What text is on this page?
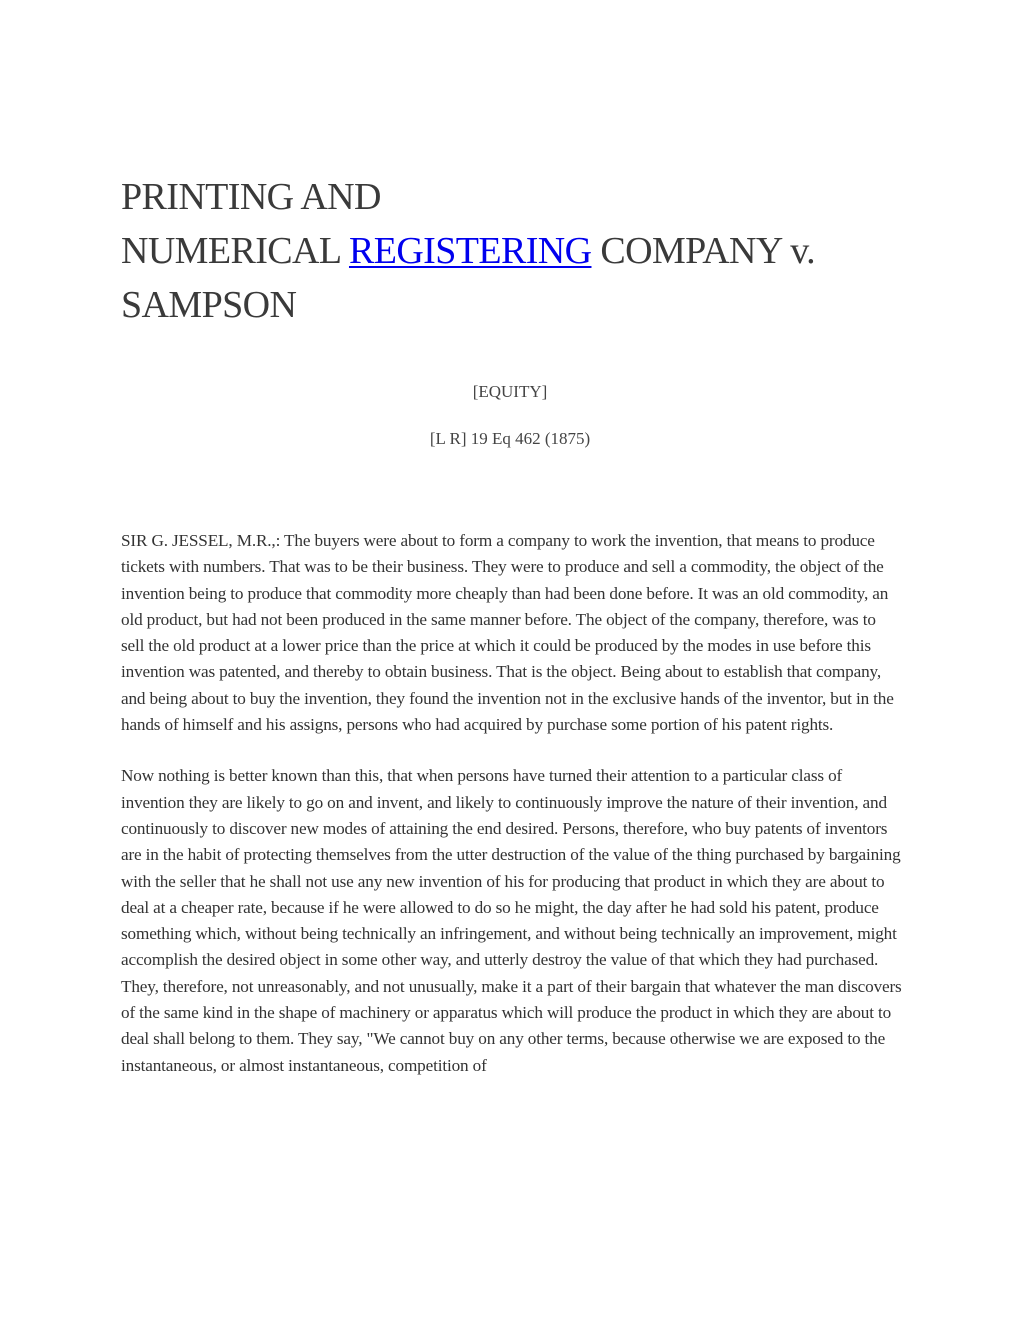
PRINTING AND
NUMERICAL REGISTERING COMPANY v.
SAMPSON
[EQUITY]
[L R] 19 Eq 462 (1875)

SIR G. JESSEL, M.R.,: The buyers were about to form a company to work the invention, that means to produce tickets with numbers. That was to be their business. They were to produce and sell a commodity, the object of the invention being to produce that commodity more cheaply than had been done before. It was an old commodity, an old product, but had not been produced in the same manner before. The object of the company, therefore, was to sell the old product at a lower price than the price at which it could be produced by the modes in use before this invention was patented, and thereby to obtain business. That is the object. Being about to establish that company, and being about to buy the invention, they found the invention not in the exclusive hands of the inventor, but in the hands of himself and his assigns, persons who had acquired by purchase some portion of his patent rights.

Now nothing is better known than this, that when persons have turned their attention to a particular class of invention they are likely to go on and invent, and likely to continuously improve the nature of their invention, and continuously to discover new modes of attaining the end desired. Persons, therefore, who buy patents of inventors are in the habit of protecting themselves from the utter destruction of the value of the thing purchased by bargaining with the seller that he shall not use any new invention of his for producing that product in which they are about to deal at a cheaper rate, because if he were allowed to do so he might, the day after he had sold his patent, produce something which, without being technically an infringement, and without being technically an improvement, might accomplish the desired object in some other way, and utterly destroy the value of that which they had purchased. They, therefore, not unreasonably, and not unusually, make it a part of their bargain that whatever the man discovers of the same kind in the shape of machinery or apparatus which will produce the product in which they are about to deal shall belong to them. They say, "We cannot buy on any other terms, because otherwise we are exposed to the instantaneous, or almost instantaneous, competition of
